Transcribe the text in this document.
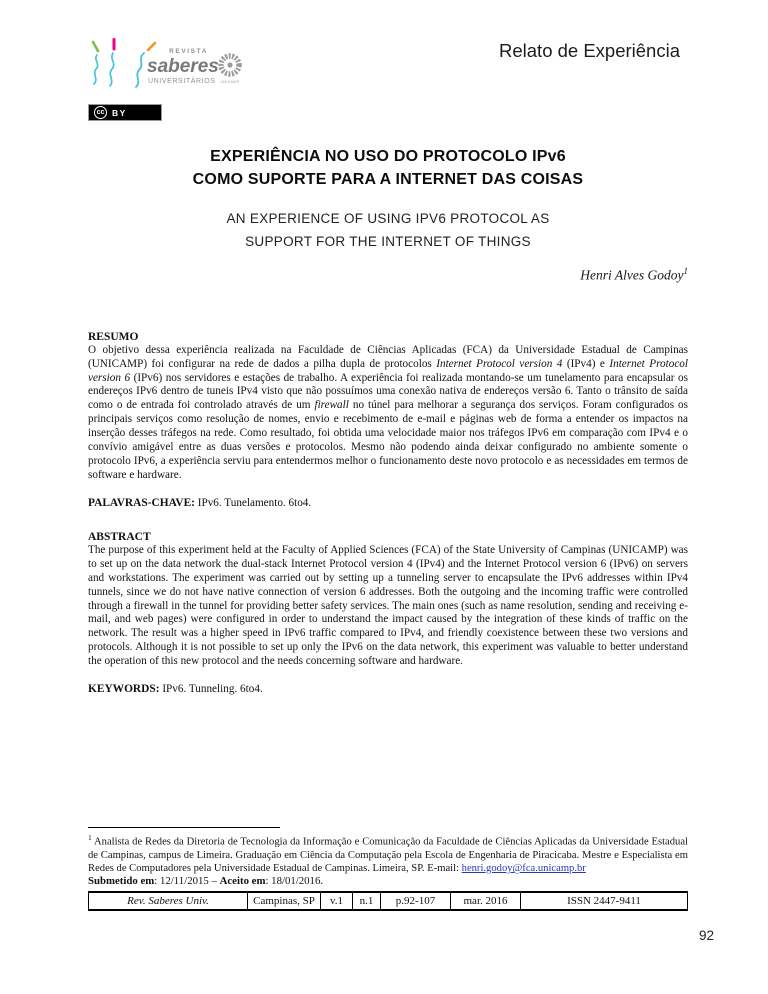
REVISTA
saberes
UNIVERSITÁRIOS UNICAMP
Relato de Experiência
cc BY
EXPERIÊNCIA NO USO DO PROTOCOLO IPv6
COMO SUPORTE PARA A INTERNET DAS COISAS
AN EXPERIENCE OF USING IPV6 PROTOCOL AS
SUPPORT FOR THE INTERNET OF THINGS
Henri Alves Godoy$^1$
RESUMO

O objetivo dessa experiência realizada na Faculdade de Ciências Aplicadas (FCA) da Universidade Estadual de Campinas (UNICAMP) foi configurar na rede de dados a pilha dupla de protocolos Internet Protocol version 4 (IPv4) e Internet Protocol version 6 (IPv6) nos servidores e estações de trabalho. A experiência foi realizada montando-se um tunelamento para encapsular os endereços IPv6 dentro de tuneis IPv4 visto que não possuímos uma conexão nativa de endereços versão 6. Tanto o trânsito de saída como o de entrada foi controlado através de um firewall no túnel para melhorar a segurança dos serviços. Foram configurados os principais serviços como resolução de nomes, envio e recebimento de e-mail e páginas web de forma a entender os impactos na inserção desses tráfegos na rede. Como resultado, foi obtida uma velocidade maior nos tráfegos IPv6 em comparação com IPv4 e o convívio amigável entre as duas versões e protocolos. Mesmo não podendo ainda deixar configurado no ambiente somente o protocolo IPv6, a experiência serviu para entendermos melhor o funcionamento deste novo protocolo e as necessidades em termos de software e hardware.

PALAVRAS-CHAVE: IPv6. Tunelamento. 6to4.
ABSTRACT

The purpose of this experiment held at the Faculty of Applied Sciences (FCA) of the State University of Campinas (UNICAMP) was to set up on the data network the dual-stack Internet Protocol version 4 (IPv4) and the Internet Protocol version 6 (IPv6) on servers and workstations. The experiment was carried out by setting up a tunneling server to encapsulate the IPv6 addresses within IPv4 tunnels, since we do not have native connection of version 6 addresses. Both the outgoing and the incoming traffic were controlled through a firewall in the tunnel for providing better safety services. The main ones (such as name resolution, sending and receiving e-mail, and web pages) were configured in order to understand the impact caused by the integration of these kinds of traffic on the network. The result was a higher speed in IPv6 traffic compared to IPv4, and friendly coexistence between these two versions and protocols. Although it is not possible to set up only the IPv6 on the data network, this experiment was valuable to better understand the operation of this new protocol and the needs concerning software and hardware.

KEYWORDS: IPv6. Tunneling. 6to4.

$^1$ Analista de Redes da Diretoria de Tecnologia da Informação e Comunicação da Faculdade de Ciências Aplicadas da Universidade Estadual de Campinas, campus de Limeira. Graduação em Ciência da Computação pela Escola de Engenharia de Piracicaba. Mestre e Especialista em Redes de Computadores pela Universidade Estadual de Campinas. Limeira, SP. E-mail: henri.godoy@fca.unicamp.br

Submetido em: 12/11/2015 – Aceito em: 18/01/2016.
Rev. Saberes Univ.	Campinas, SP	v.1	n.1	p.92-107	mar. 2016	ISSN 2447-9411
92
